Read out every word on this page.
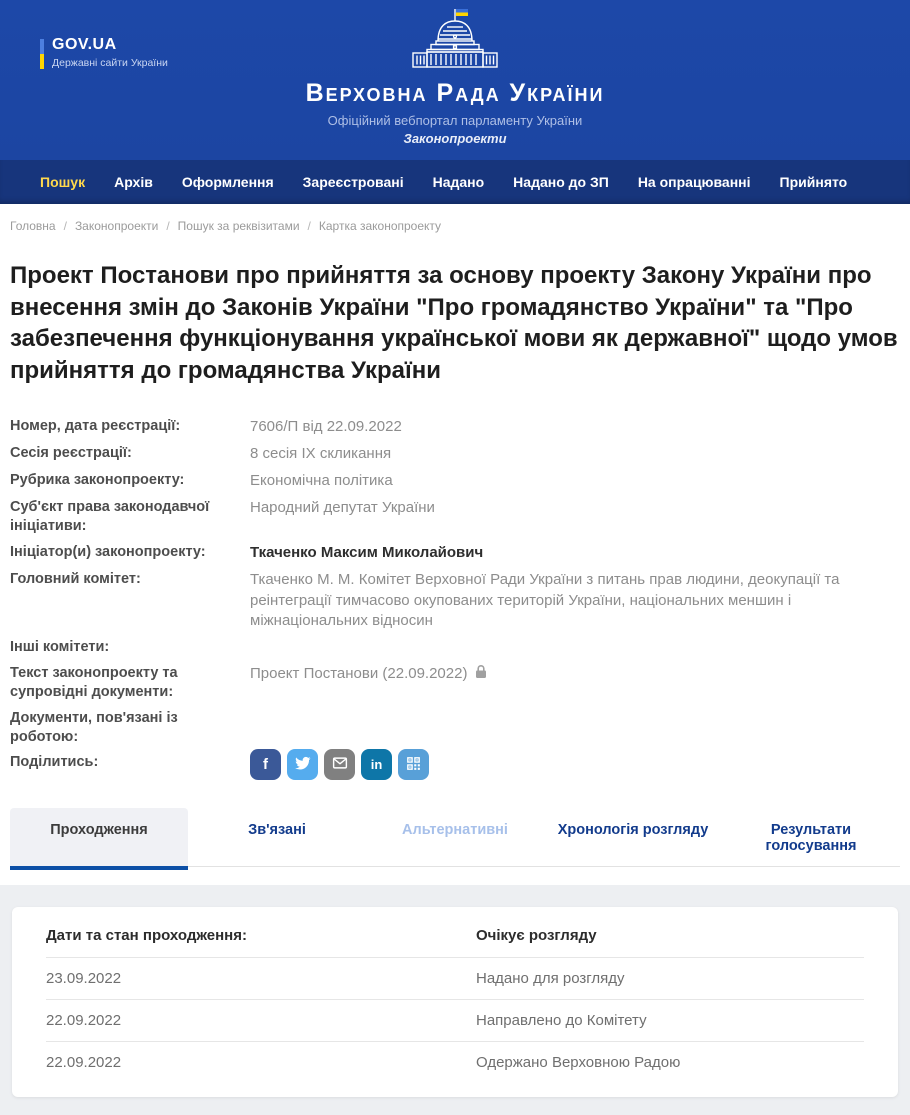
GOV.UA
Державні сайти України
Верховна Рада України
Офіційний вебпортал парламенту України
Законопроекти
Пошук Архів Оформлення Зареєстровані Надано Надано до ЗП На опрацюванні Прийнято
Головна / Законопроекти / Пошук за реквізитами / Картка законопроекту
Проект Постанови про прийняття за основу проекту Закону України про внесення змін до Законів України "Про громадянство України" та "Про забезпечення функціонування української мови як державної" щодо умов прийняття до громадянства України
Номер, дата реєстрації:	7606/П від 22.09.2022
Сесія реєстрації:	8 сесія IX скликання
Рубрика законопроекту:	Економічна політика
Суб'єкт права законодавчої ініціативи:
Народний депутат України
Ініціатор(и) законопроекту:	Ткаченко Максим Миколайович
Головний комітет:	Ткаченко М. М. Комітет Верховної Ради України з питань прав людини, деокупації та реінтеграції тимчасово окупованих територій України, національних меншин і міжнаціональних відносин
Інші комітети:
Текст законопроекту та супровідні документи:
Проект Постанови (22.09.2022)
Документи, пов'язані із роботою:
Поділитись:	f	in
Проходження	Зв'язані	Альтернативні	Хронологія розгляду	Результати голосування
Дати та стан проходження:	Очікує розгляду
23.09.2022	Надано для розгляду
22.09.2022	Направлено до Комітету
22.09.2022	Одержано Верховною Радою
